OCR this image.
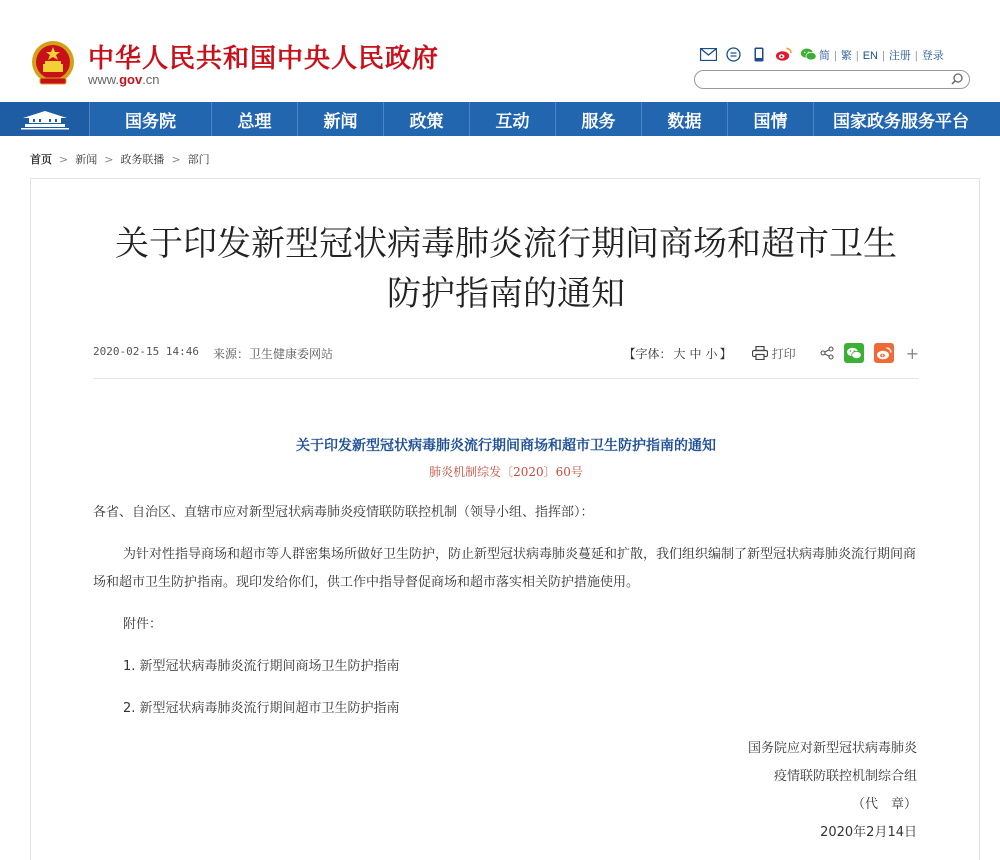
中华人民共和国中央人民政府
www.gov.cn
简 | 繁 | EN | 注册 | 登录
国务院	总理	新闻	政策	互动	服务	数据	国情	国家政务服务平台
首页 > 新闻 > 政务联播 > 部门
关于印发新型冠状病毒肺炎流行期间商场和超市卫生
防护指南的通知
2020-02-15 14:46 来源：卫生健康委网站	【字体： 大 中 小 】	打印	+
关于印发新型冠状病毒肺炎流行期间商场和超市卫生防护指南的通知
肺炎机制综发〔2020〕60号
各省、自治区、直辖市应对新型冠状病毒肺炎疫情联防联控机制（领导小组、指挥部）：
为针对性指导商场和超市等人群密集场所做好卫生防护，防止新型冠状病毒肺炎蔓延和扩散，我们组织编制了新型冠状病毒肺炎流行期间商场和超市卫生防护指南。现印发给你们，供工作中指导督促商场和超市落实相关防护措施使用。
附件：
1. 新型冠状病毒肺炎流行期间商场卫生防护指南
2. 新型冠状病毒肺炎流行期间超市卫生防护指南
国务院应对新型冠状病毒肺炎
疫情联防联控机制综合组
（代　章）
2020年2月14日
